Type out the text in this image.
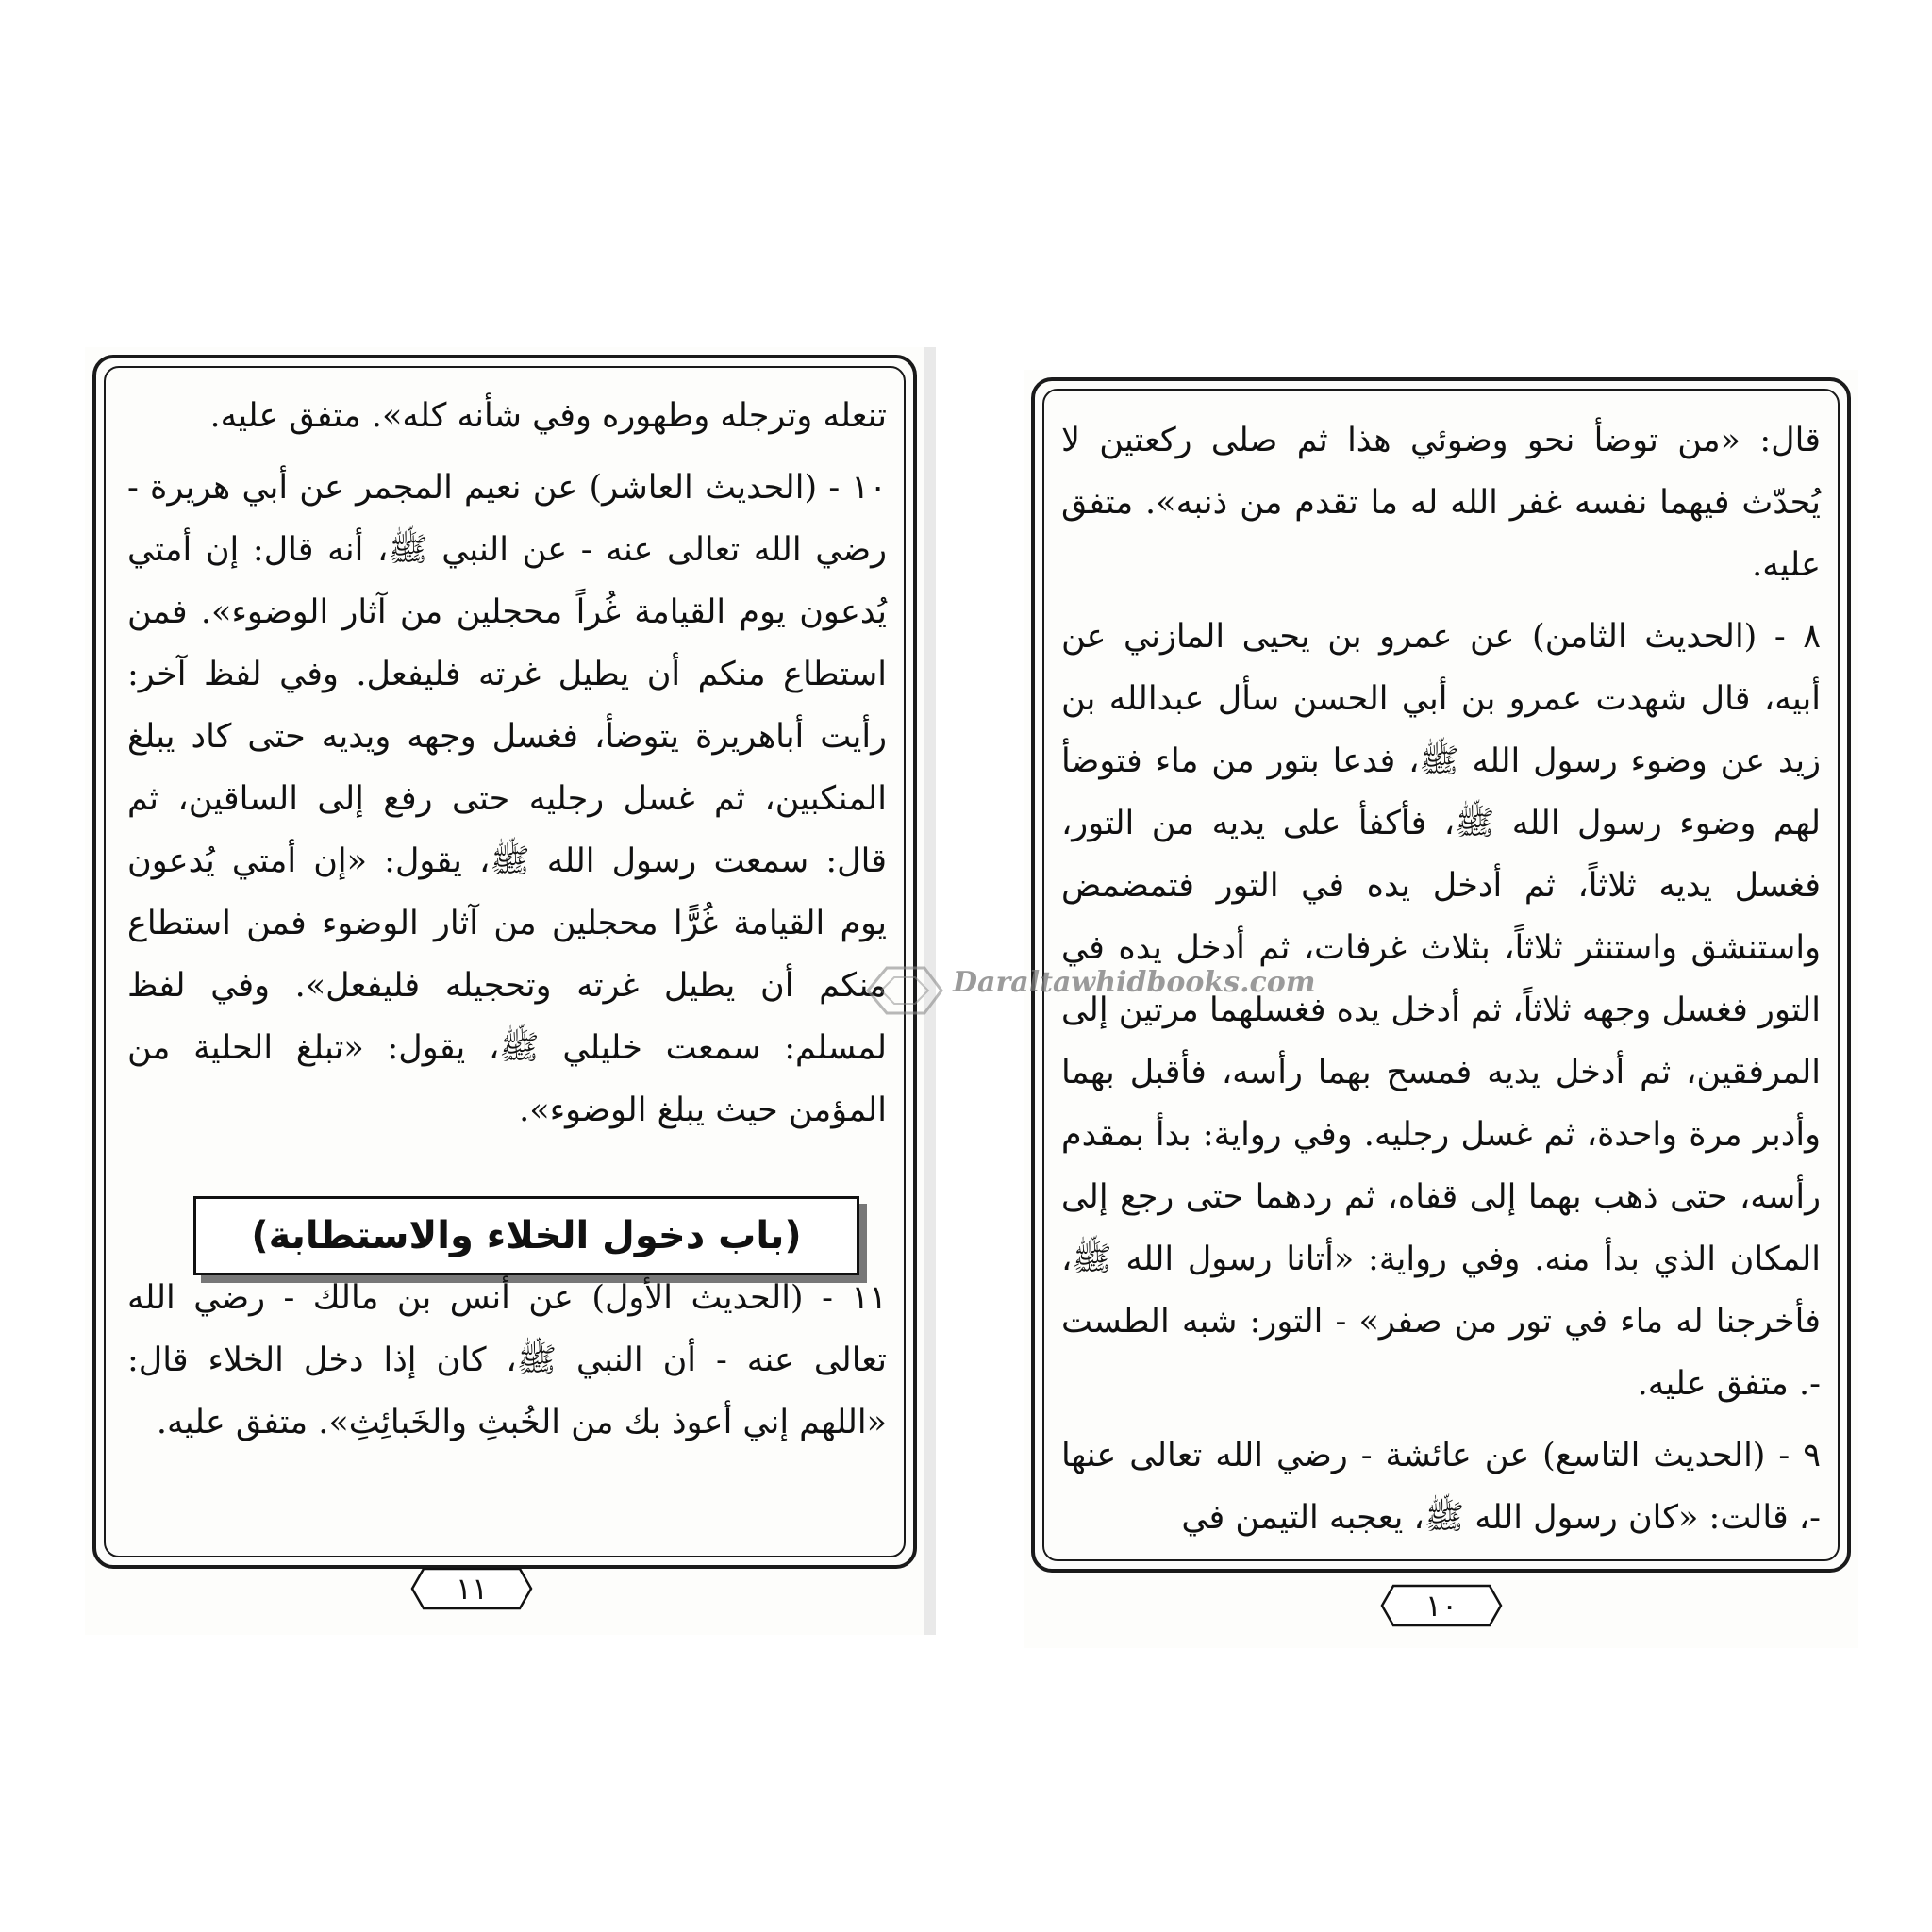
تنعله وترجله وطهوره وفي شأنه كله». متفق عليه.

١٠ - (الحديث العاشر) عن نعيم المجمر عن أبي هريرة - رضي الله تعالى عنه - عن النبي ﷺ، أنه قال: إن أمتي يُدعون يوم القيامة غُراً محجلين من آثار الوضوء». فمن استطاع منكم أن يطيل غرته فليفعل. وفي لفظ آخر: رأيت أباهريرة يتوضأ، فغسل وجهه ويديه حتى كاد يبلغ المنكبين، ثم غسل رجليه حتى رفع إلى الساقين، ثم قال: سمعت رسول الله ﷺ، يقول: «إن أمتي يُدعون يوم القيامة غُرًّا محجلين من آثار الوضوء فمن استطاع منكم أن يطيل غرته وتحجيله فليفعل». وفي لفظ لمسلم: سمعت خليلي ﷺ، يقول: «تبلغ الحلية من المؤمن حيث يبلغ الوضوء».

(باب دخول الخلاء والاستطابة)

١١ - (الحديث الأول) عن أنس بن مالك - رضي الله تعالى عنه - أن النبي ﷺ، كان إذا دخل الخلاء قال: «اللهم إني أعوذ بك من الخُبثِ والخَبائِثِ». متفق عليه.

١١

قال: «من توضأ نحو وضوئي هذا ثم صلى ركعتين لا يُحدّث فيهما نفسه غفر الله له ما تقدم من ذنبه». متفق عليه.

٨ - (الحديث الثامن) عن عمرو بن يحيى المازني عن أبيه، قال شهدت عمرو بن أبي الحسن سأل عبدالله بن زيد عن وضوء رسول الله ﷺ، فدعا بتور من ماء فتوضأ لهم وضوء رسول الله ﷺ، فأكفأ على يديه من التور، فغسل يديه ثلاثاً، ثم أدخل يده في التور فتمضمض واستنشق واستنثر ثلاثاً، بثلاث غرفات، ثم أدخل يده في التور فغسل وجهه ثلاثاً، ثم أدخل يده فغسلهما مرتين إلى المرفقين، ثم أدخل يديه فمسح بهما رأسه، فأقبل بهما وأدبر مرة واحدة، ثم غسل رجليه. وفي رواية: بدأ بمقدم رأسه، حتى ذهب بهما إلى قفاه، ثم ردهما حتى رجع إلى المكان الذي بدأ منه. وفي رواية: «أتانا رسول الله ﷺ، فأخرجنا له ماء في تور من صفر» - التور: شبه الطست -. متفق عليه.

٩ - (الحديث التاسع) عن عائشة - رضي الله تعالى عنها -، قالت: «كان رسول الله ﷺ، يعجبه التيمن في

١٠
Daraltawhidbooks.com
